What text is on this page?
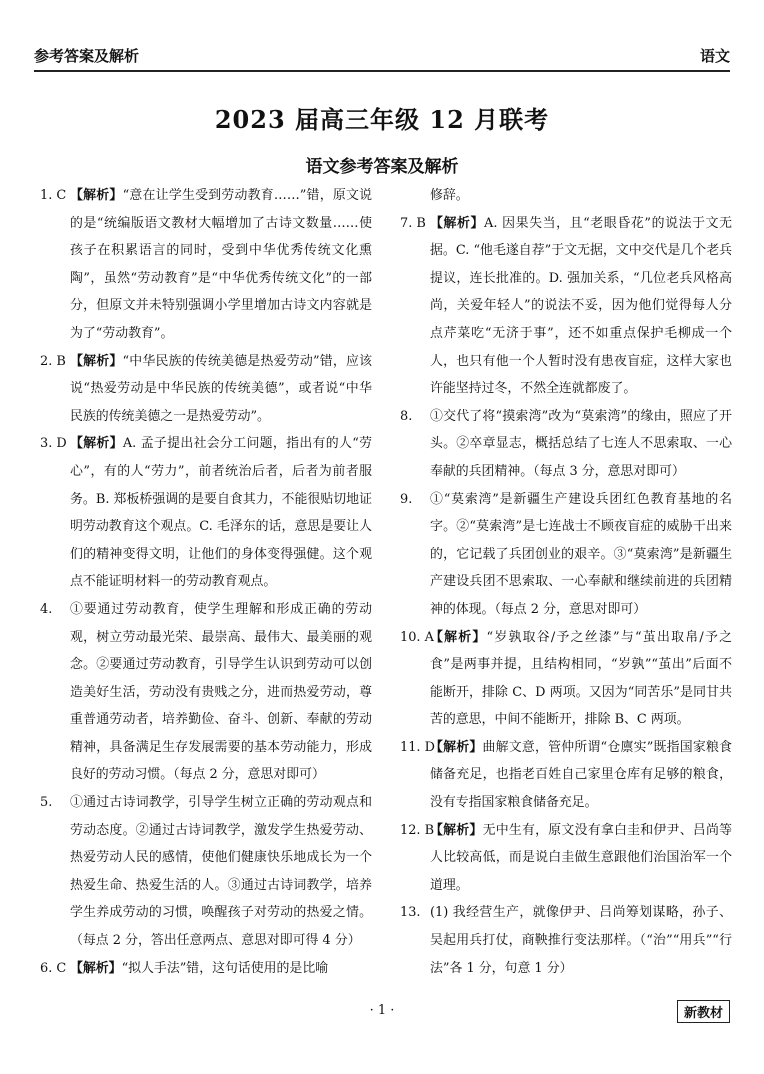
参考答案及解析	语文
2023 届高三年级 12 月联考
语文参考答案及解析
1. C 【解析】“意在让学生受到劳动教育……”错，原文说的是“统编版语文教材大幅增加了古诗文数量……使孩子在积累语言的同时，受到中华优秀传统文化熏陶”，虽然“劳动教育”是“中华优秀传统文化”的一部分，但原文并未特别强调小学里增加古诗文内容就是为了“劳动教育”。
2. B 【解析】“中华民族的传统美德是热爱劳动”错，应该说“热爱劳动是中华民族的传统美德”，或者说“中华民族的传统美德之一是热爱劳动”。
3. D 【解析】A. 孟子提出社会分工问题，指出有的人“劳心”，有的人“劳力”，前者统治后者，后者为前者服务。B. 郑板桥强调的是要自食其力，不能很贴切地证明劳动教育这个观点。C. 毛泽东的话，意思是要让人们的精神变得文明，让他们的身体变得强健。这个观点不能证明材料一的劳动教育观点。
4. ①要通过劳动教育，使学生理解和形成正确的劳动观，树立劳动最光荣、最崇高、最伟大、最美丽的观念。②要通过劳动教育，引导学生认识到劳动可以创造美好生活，劳动没有贵贱之分，进而热爱劳动，尊重普通劳动者，培养勤俭、奋斗、创新、奉献的劳动精神，具备满足生存发展需要的基本劳动能力，形成良好的劳动习惯。（每点 2 分，意思对即可）
5. ①通过古诗词教学，引导学生树立正确的劳动观点和劳动态度。②通过古诗词教学，激发学生热爱劳动、热爱劳动人民的感情，使他们健康快乐地成长为一个热爱生命、热爱生活的人。③通过古诗词教学，培养学生养成劳动的习惯，唤醒孩子对劳动的热爱之情。（每点 2 分，答出任意两点、意思对即可得 4 分）
6. C 【解析】“拟人手法”错，这句话使用的是比喻
修辞。
7. B 【解析】A. 因果失当，且“老眼昏花”的说法于文无据。C. “他毛遂自荐”于文无据，文中交代是几个老兵提议，连长批准的。D. 强加关系，“几位老兵风格高尚，关爱年轻人”的说法不妥，因为他们觉得每人分点芹菜吃“无济于事”，还不如重点保护毛柳成一个人，也只有他一个人暂时没有患夜盲症，这样大家也许能坚持过冬，不然全连就都废了。
8. ①交代了将“摸索湾”改为“莫索湾”的缘由，照应了开头。②卒章显志，概括总结了七连人不思索取、一心奉献的兵团精神。（每点 3 分，意思对即可）
9. ①“莫索湾”是新疆生产建设兵团红色教育基地的名字。②“莫索湾”是七连战士不顾夜盲症的威胁干出来的，它记载了兵团创业的艰辛。③“莫索湾”是新疆生产建设兵团不思索取、一心奉献和继续前进的兵团精神的体现。（每点 2 分，意思对即可）
10. A
【解析】“岁孰取谷/予之丝漆”与“茧出取帛/予之食”是两事并提，且结构相同，“岁孰”“茧出”后面不能断开，排除 C、D 两项。又因为“同苦乐”是同甘共苦的意思，中间不能断开，排除 B、C 两项。
11. D
【解析】曲解文意，管仲所谓“仓廪实”既指国家粮食储备充足，也指老百姓自己家里仓库有足够的粮食，没有专指国家粮食储备充足。
12. B
【解析】无中生有，原文没有拿白圭和伊尹、吕尚等人比较高低，而是说白圭做生意跟他们治国治军一个道理。
13. (1) 我经营生产，就像伊尹、吕尚筹划谋略，孙子、吴起用兵打仗，商鞅推行变法那样。（“治”“用兵”“行法”各 1 分，句意 1 分）
· 1 ·	新教材
